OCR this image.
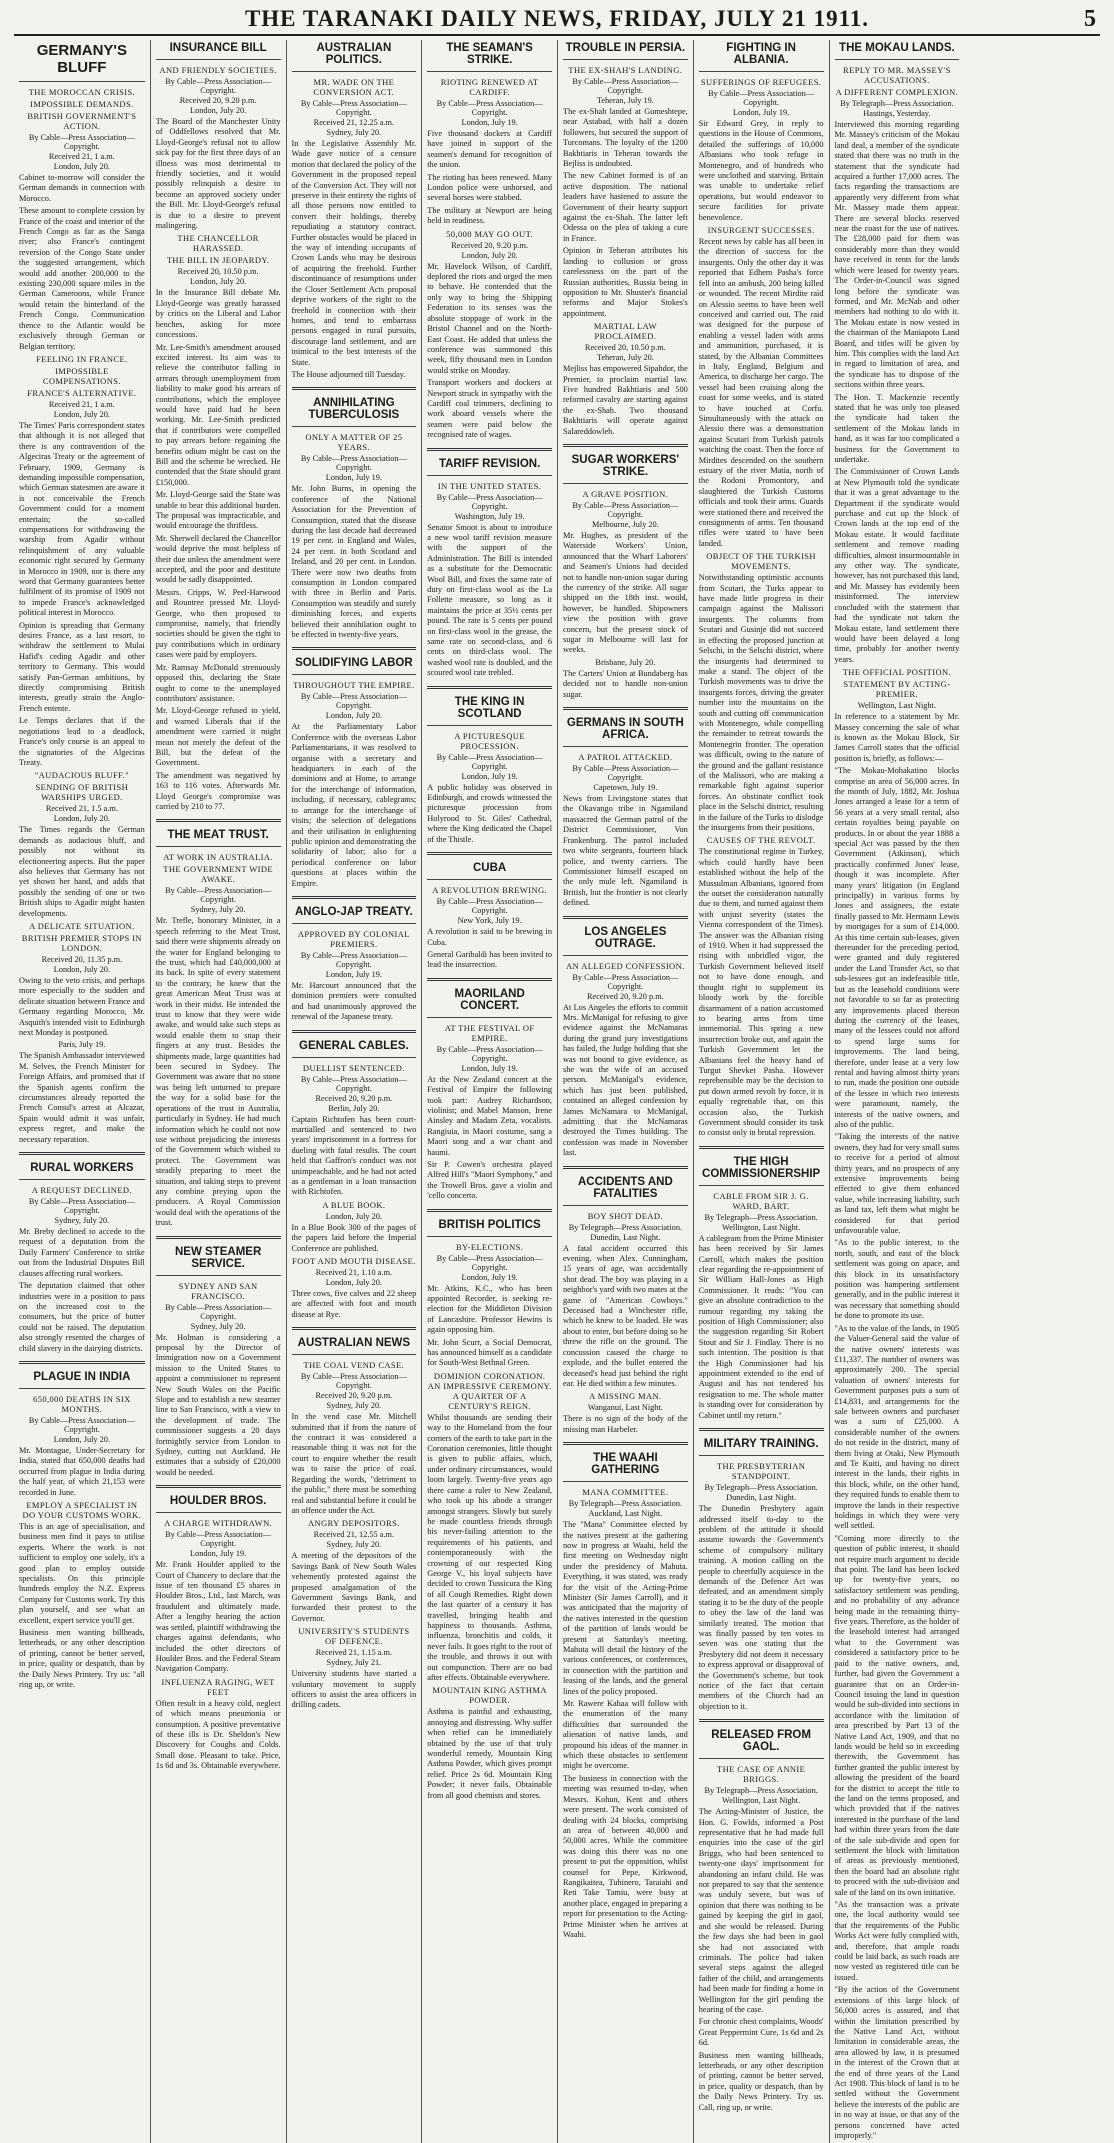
THE TARANAKI DAILY NEWS, FRIDAY, JULY 21 1911.	5
GERMANY'S BLUFF
THE MOROCCAN CRISIS.
IMPOSSIBLE DEMANDS.
BRITISH GOVERNMENT'S ACTION.
By Cable—Press Association—Copyright.
Received 21, 1 a.m.
London, July 20.
Cabinet to-morrow will consider the German demands in connection with Morocco.
These amount to complete cession by France of the coast and interior of the French Congo as far as the Sanga river; also France's contingent reversion of the Congo State under the suggested arrangement, which would add another 200,000 to the existing 230,000 square miles in the German Cameroons, while France would retain the hinterland of the French Congo. Communication thence to the Atlantic would be exclusively through German or Belgian territory.
FEELING IN FRANCE.
IMPOSSIBLE COMPENSATIONS.
FRANCE'S ALTERNATIVE.
Received 21, 1 a.m.
London, July 20.
The Times' Paris correspondent states that although it is not alleged that there is any contravention of the Algeciras Treaty or the agreement of February, 1909, Germany is demanding impossible compensation, which German statesmen are aware it is not conceivable the French Government could for a moment entertain; the so-called compensations for withdrawing the warship from Agadir without relinquishment of any valuable economic right secured by Germany in Morocco in 1909, nor is there any word that Germany guarantees better fulfilment of its promise of 1909 not to impede France's acknowledged political interest in Morocco.
Opinion is spreading that Germany desires France, as a last resort, to withdraw the settlement to Mulai Hafid's ceding Agadir and other territory to Germany. This would satisfy Pan-German ambitions, by directly compromising British interests, greatly strain the Anglo-French entente.
Le Temps declares that if the negotiations lead to a deadlock, France's only course is an appeal to the signatories of the Algeciras Treaty.
"AUDACIOUS BLUFF."
SENDING OF BRITISH WARSHIPS URGED.
Received 21, 1.5 a.m.
London, July 20.
The Times regards the German demands as audacious bluff, and possibly not without its electioneering aspects. But the paper also believes that Germany has not yet shown her hand, and adds that possibly the sending of one or two British ships to Agadir might hasten developments.
A DELICATE SITUATION.
BRITISH PREMIER STOPS IN LONDON.
Received 20, 11.35 p.m.
London, July 20.
Owing to the veto crisis, and perhaps more especially to the sudden and delicate situation between France and Germany regarding Morocco, Mr. Asquith's intended visit to Edinburgh next Monday is postponed.
Paris, July 19.
The Spanish Ambassador interviewed M. Selves, the French Minister for Foreign Affairs, and promised that if the Spanish agents confirm the circumstances already reported the French Consul's arrest at Alcazar, Spain would admit it was unfair, express regret, and make the necessary reparation.
RURAL WORKERS
A REQUEST DECLINED.
By Cable—Press Association—Copyright.
Sydney, July 20.
Mr. Breby declined to accede to the request of a deputation from the Daily Farmers' Conference to strike out from the Industrial Disputes Bill clauses affecting rural workers.
The deputation claimed that other industries were in a position to pass on the increased cost to the consumers, but the price of butter could not be raised. The deputation also strongly resented the charges of child slavery in the dairying districts.
PLAGUE IN INDIA
650,000 DEATHS IN SIX MONTHS.
By Cable—Press Association—Copyright.
London, July 20.
Mr. Montague, Under-Secretary for India, stated that 650,000 deaths had occurred from plague in India during the half year, of which 21,153 were recorded in June.
EMPLOY A SPECIALIST IN DO YOUR CUSTOMS WORK.
This is an age of specialisation, and business men find it pays to utilise experts. Where the work is not sufficient to employ one solely, it's a good plan to employ outside specialists. On this principle hundreds employ the N.Z. Express Company for Customs work. Try this plan yourself, and see what an excellent, expert service you'll get.
Business men wanting billheads, letterheads, or any other description of printing, cannot be better served, in price, quality or despatch, than by the Daily News Printery. Try us: "all ring up, or write.
INSURANCE BILL
AND FRIENDLY SOCIETIES.
By Cable—Press Association—Copyright.
Received 20, 9.20 p.m.
London, July 20.
The Board of the Manchester Unity of Oddfellows resolved that Mr. Lloyd-George's refusal not to allow sick pay for the first three days of an illness was most detrimental to friendly societies, and it would possibly relinquish a desire to become an approved society under the Bill. Mr. Lloyd-George's refusal is due to a desire to prevent malingering.
THE CHANCELLOR HARASSED.
THE BILL IN JEOPARDY.
Received 20, 10.50 p.m.
London, July 20.
In the Insurance Bill debate Mr. Lloyd-George was greatly harassed by critics on the Liberal and Labor benches, asking for more concessions.
Mr. Lee-Smith's amendment aroused excited interest. Its aim was to relieve the contributor falling in arrears through unemployment from liability to make good his arrears of contributions, which the employee would have paid had he been working. Mr. Lee-Smith predicted that if contributors were compelled to pay arrears before regaining the benefits odium might be cast on the Bill and the scheme be wrecked. He contended that the State should grant £150,000.
Mr. Lloyd-George said the State was unable to bear this additional burden. The proposal was impracticable, and would encourage the thriftless.
Mr. Sherwell declared the Chancellor would deprive the most helpless of their due unless the amendment were accepted, and the poor and destitute would be sadly disappointed.
Messrs. Cripps, W. Peel-Harwood and Rountree pressed Mr. Lloyd-George, who then proposed to compromise, namely, that friendly societies should be given the right to pay contributions which in ordinary cases were paid by employers.
Mr. Ramsay McDonald strenuously opposed this, declaring the State ought to come to the unemployed contributors' assistance.
Mr. Lloyd-George refused to yield, and warned Liberals that if the amendment were carried it might mean not merely the defeat of the Bill, but the defeat of the Government.
The amendment was negatived by 163 to 116 votes. Afterwards Mr. Lloyd George's compromise was carried by 210 to 77.
THE MEAT TRUST.
AT WORK IN AUSTRALIA.
THE GOVERNMENT WIDE AWAKE.
By Cable—Press Association—Copyright.
Sydney, July 20.
Mr. Trefle, honorary Minister, in a speech referring to the Meat Trust, said there were shipments already on the water for England belonging to the trust, which had £40,000,000 at its back. In spite of every statement to the contrary, he knew that the great American Meat Trust was at work in their midst. He intended the trust to know that they were wide awake, and would take such steps as would enable them to snap their fingers at any trust. Besides the shipments made, large quantities had been secured in Sydney. The Government was aware that no stone was being left unturned to prepare the way for a solid base for the operations of the trust in Australia, particularly in Sydney. He had much information which he could not now use without prejudicing the interests of the Government which wished to protect. The Government was steadily preparing to meet the situation, and taking steps to prevent any combine preying upon the producers. A Royal Commission would deal with the operations of the trust.
NEW STEAMER SERVICE.
SYDNEY AND SAN FRANCISCO.
By Cable—Press Association—Copyright.
Sydney, July 20.
Mr. Holman is considering a proposal by the Director of Immigration now on a Government mission to the United States to appoint a commissioner to represent New South Wales on the Pacific Slope and to establish a new steamer line to San Francisco, with a view to the development of trade. The commissioner suggests a 20 days fortnightly service from London to Sydney, cutting out Auckland. He estimates that a subsidy of £20,000 would be needed.
HOULDER BROS.
A CHARGE WITHDRAWN.
By Cable—Press Association—Copyright.
London, July 19.
Mr. Frank Houlder applied to the Court of Chancery to declare that the issue of ten thousand £5 shares in Houlder Bros., Ltd., last March, was fraudulent and ultimately made. After a lengthy hearing the action was settled, plaintiff withdrawing the charges against defendants, who included the other directors of Houlder Bros. and the Federal Steam Navigation Company.
INFLUENZA RAGING, WET FEET
Often result in a heavy cold, neglect of which means pneumonia or consumption. A positive preventative of these ills is Dr. Sheldon's New Discovery for Coughs and Colds. Small dose. Pleasant to take. Price, 1s 6d and 3s. Obtainable everywhere.
AUSTRALIAN POLITICS.
MR. WADE ON THE CONVERSION ACT.
By Cable—Press Association—Copyright.
Received 21, 12.25 a.m.
Sydney, July 20.
In the Legislative Assembly Mr. Wade gave notice of a censure motion that declared the policy of the Government in the proposed repeal of the Conversion Act. They will not preserve in their entirety the rights of all those persons now entitled to convert their holdings, thereby repudiating a statutory contract. Further obstacles would be placed in the way of intending occupants of Crown Lands who may be desirous of acquiring the freehold. Further discontinuance of resumptions under the Closer Settlement Acts proposal deprive workers of the right to the freehold in connection with their homes, and tend to embarrass persons engaged in rural pursuits, discourage land settlement, and are inimical to the best interests of the State.
The House adjourned till Tuesday.
ANNIHILATING TUBERCULOSIS
ONLY A MATTER OF 25 YEARS.
By Cable—Press Association—Copyright.
London, July 19.
Mr. John Burns, in opening the conference of the National Association for the Prevention of Consumption, stated that the disease during the last decade had decreased 19 per cent. in England and Wales, 24 per cent. in both Scotland and Ireland, and 20 per cent. in London. There were now two deaths from consumption in London compared with three in Berlin and Paris. Consumption was steadily and surely diminishing forces, and experts believed their annihilation ought to be effected in twenty-five years.
SOLIDIFYING LABOR
THROUGHOUT THE EMPIRE.
By Cable—Press Association—Copyright.
London, July 20.
At the Parliamentary Labor Conference with the overseas Labor Parliamentarians, it was resolved to organise with a secretary and headquarters in each of the dominions and at Home, to arrange for the interchange of information, including, if necessary, cablegrams; to arrange for the interchange of visits; the selection of delegations and their utilisation in enlightening public opinion and demonstrating the solidarity of labor; also for a periodical conference on labor questions at places within the Empire.
ANGLO-JAP TREATY.
APPROVED BY COLONIAL PREMIERS.
By Cable—Press Association—Copyright.
London, July 19.
Mr. Harcourt announced that the dominion premiers were consulted and had unanimously approved the renewal of the Japanese treaty.
GENERAL CABLES.
DUELLIST SENTENCED.
By Cable—Press Association—Copyright.
Received 20, 9.20 p.m.
Berlin, July 20.
Captain Richtofen has been court-martialled and sentenced to two years' imprisonment in a fortress for dueling with fatal results. The court held that Gaffron's conduct was not unimpeachable, and he had not acted as a gentleman in a loan transaction with Richtofen.
A BLUE BOOK.
London, July 20.
In a Blue Book 300 of the pages of the papers laid before the Imperial Conference are published.
FOOT AND MOUTH DISEASE.
Received 21, 1.10 a.m.
London, July 20.
Three cows, five calves and 22 sheep are affected with foot and mouth disease at Rye.
AUSTRALIAN NEWS
THE COAL VEND CASE.
By Cable—Press Association—Copyright.
Received 20, 9.20 p.m.
Sydney, July 20.
In the vend case Mr. Mitchell submitted that if from the nature of the contract it was considered a reasonable thing it was not for the court to enquire whether the result was to raise the price of coal. Regarding the words, "detriment to the public," there must be something real and substantial before it could be an offence under the Act.
ANGRY DEPOSITORS.
Received 21, 12.55 a.m.
Sydney, July 20.
A meeting of the depositors of the Savings Bank of New South Wales vehemently protested against the proposed amalgamation of the Government Savings Bank, and forwarded their protest to the Governor.
UNIVERSITY'S STUDENTS OF DEFENCE.
Received 21, 1.15 a.m.
Sydney, July 21.
University students have started a voluntary movement to supply officers to assist the area officers in drilling cadets.
THE SEAMAN'S STRIKE.
RIOTING RENEWED AT CARDIFF.
By Cable—Press Association—Copyright.
London, July 19.
Five thousand dockers at Cardiff have joined in support of the seamen's demand for recognition of the union.
The rioting has been renewed. Many London police were unhorsed, and several horses were stabbed.
The military at Newport are being held in readiness.
50,000 MAY GO OUT.
Received 20, 9.20 p.m.
London, July 20.
Mr. Havelock Wilson, of Cardiff, deplored the riots and urged the men to behave. He contended that the only way to bring the Shipping Federation to its senses was the absolute stoppage of work in the Bristol Channel and on the North-East Coast. He added that unless the conference was summoned this week, fifty thousand men in London would strike on Monday.
Transport workers and dockers at Newport struck in sympathy with the Cardiff coal trimmers, declining to work aboard vessels where the seamen were paid below the recognised rate of wages.
TARIFF REVISION.
IN THE UNITED STATES.
By Cable—Press Association—Copyright.
Washington, July 19.
Senator Smoot is about to introduce a new wool tariff revision measure with the support of the Administration. The Bill is intended as a substitute for the Democratic Wool Bill, and fixes the same rate of duty on first-class wool as the La Follette measure, so long as it maintains the price at 35½ cents per pound. The rate is 5 cents per pound on first-class wool in the grease, the same rate on second-class, and 6 cents on third-class wool. The washed wool rate is doubled, and the scoured wool rate trebled.
THE KING IN SCOTLAND
A PICTURESQUE PROCESSION.
By Cable—Press Association—Copyright.
London, July 19.
A public holiday was observed in Edinburgh, and crowds witnessed the picturesque procession from Holyrood to St. Giles' Cathedral, where the King dedicated the Chapel of the Thistle.
CUBA
A REVOLUTION BREWING.
By Cable—Press Association—Copyright.
New York, July 19.
A revolution is said to be brewing in Cuba.
General Garibaldi has been invited to lead the insurrection.
MAORILAND CONCERT.
AT THE FESTIVAL OF EMPIRE.
By Cable—Press Association—Copyright.
London, July 19.
At the New Zealand concert at the Festival of Empire the following took part: Audrey Richardson, violinist; and Mabel Manson, Irene Ainsley and Madam Zeta, vocalists. Rangiuia, in Maori costume, sang a Maori song and a war chant and haumi.
Sir P. Cowen's orchestra played Alfred Hill's "Maori Symphony," and the Trowell Bros. gave a violin and 'cello concerto.
BRITISH POLITICS
BY-ELECTIONS.
By Cable—Press Association—Copyright.
London, July 19.
Mr. Atkins, K.C., who has been appointed Recorder, is seeking re-election for the Middleton Division of Lancashire. Professor Hewins is again opposing him.
Mr. John Scurr, a Social Democrat, has announced himself as a candidate for South-West Bethnal Green.
DOMINION CORONATION. AN IMPRESSIVE CEREMONY. A QUARTER OF A CENTURY'S REIGN.
Whilst thousands are sending their way to the Homeland from the four corners of the earth to take part in the Coronation ceremonies, little thought is given to public affairs, which, under ordinary circumstances, would loom largely. Twenty-five years ago there came a ruler to New Zealand, who took up his abode a stranger amongst strangers. Slowly but surely he made countless friends through his never-failing attention to the requirements of his patients, and contemporaneously with the crowning of our respected King George V., his loyal subjects have decided to crown Tussicura the King of all Cough Remedies. Right down the last quarter of a century it has travelled, bringing health and happiness to thousands. Asthma, influenza, bronchitis and colds, it never fails. It goes right to the root of the trouble, and throws it out with out compunction. There are no bad after effects. Obtainable everywhere.
MOUNTAIN KING ASTHMA POWDER.
Asthma is painful and exhausting, annoying and distressing. Why suffer when relief can be immediately obtained by the use of that truly wonderful remedy, Mountain King Asthma Powder, which gives prompt relief. Price 2s 6d. Mountain King Powder; it never fails. Obtainable from all good chemists and stores.
TROUBLE IN PERSIA.
THE EX-SHAH'S LANDING.
By Cable—Press Association—Copyright.
Teheran, July 19.
The ex-Shah landed at Gumeshtepe, near Astabad, with half a dozen followers, but secured the support of Turcomans. The loyalty of the 1200 Bakhtiaris in Teheran towards the Bejliss is undoubted.
The new Cabinet formed is of an active disposition. The national leaders have hastened to assure the Government of their hearty support against the ex-Shah. The latter left Odessa on the plea of taking a cure in France.
Opinion in Teheran attributes his landing to collusion or gross carelessness on the part of the Russian authorities, Russia being in opposition to Mr. Shuster's financial reforms and Major Stokes's appointment.
MARTIAL LAW PROCLAIMED.
Received 20, 10.50 p.m.
Teheran, July 20.
Mejliss has empowered Sipahdor, the Premier, to proclaim martial law. Five hundred Bakhtiaris and 500 reformed cavalry are starting against the ex-Shah. Two thousand Bakhtiaris will operate against Salareddowleh.
SUGAR WORKERS' STRIKE.
A GRAVE POSITION.
By Cable—Press Association—Copyright.
Melbourne, July 20.
Mr. Hughes, as president of the Waterside Workers' Union, announced that the Wharf Laborers' and Seamen's Unions had decided not to handle non-union sugar during the currency of the strike. All sugar shipped on the 18th inst. would, however, be handled. Shipowners view the position with grave concern, but the present stock of sugar in Melbourne will last for weeks.
Brisbane, July 20.
The Carters' Union at Bundaberg has decided not to handle non-union sugar.
GERMANS IN SOUTH AFRICA.
A PATROL ATTACKED.
By Cable—Press Association—Copyright.
Capetown, July 19.
News from Livingstone states that the Okavango tribe in Ngamiland massacred the German patrol of the District Commissioner, Von Frankenburg. The patrol included two white sergeants, fourteen black police, and twenty carriers. The Commissioner himself escaped on the only mule left. Ngamiland is British, but the frontier is not clearly defined.
LOS ANGELES OUTRAGE.
AN ALLEGED CONFESSION.
By Cable—Press Association—Copyright.
Received 20, 9.20 p.m.
At Los Angeles the efforts to commit Mrs. McManigal for refusing to give evidence against the McNamaras during the grand jury investigations has failed, the Judge holding that she was not bound to give evidence, as she was the wife of an accused person. McManigal's evidence, which has just been published, contained an alleged confession by James McNamara to McManigal, admitting that the McNamaras destroyed the Times building. The confession was made in November last.
ACCIDENTS AND FATALITIES
BOY SHOT DEAD.
By Telegraph—Press Association.
Dunedin, Last Night.
A fatal accident occurred this evening, when Alex. Cunningham, 15 years of age, was accidentally shot dead. The boy was playing in a neighbor's yard with two mates at the game of "American Cowboys." Deceased had a Winchester rifle, which he knew to be loaded. He was about to enter, but before doing so he threw the rifle on the ground. The concussion caused the charge to explode, and the bullet entered the deceased's head just behind the right ear. He died within a few minutes.
A MISSING MAN.
Wanganui, Last Night.
There is no sign of the body of the missing man Harbeler.
THE WAAHI GATHERING
MANA COMMITTEE.
By Telegraph—Press Association.
Auckland, Last Night.
The "Mana" Committee elected by the natives present at the gathering now in progress at Waahi, held the first meeting on Wednesday night under the presidency of Mahuta. Everything, it was stated, was ready for the visit of the Acting-Prime Minister (Sir James Carroll), and it was anticipated that the majority of the natives interested in the question of the partition of lands would be present at Saturday's meeting. Mahuta will detail the history of the various conferences, or conferences, in connection with the partition and leasing of the lands, and the general lines of the policy proposed.
Mr. Rawere Kahaa will follow with the enumeration of the many difficulties that surrounded the alienation of native lands, and propound his ideas of the manner in which these obstacles to settlement might be overcome.
The business in connection with the meeting was resumed to-day, when Messrs. Kohun, Kent and others were present. The work consisted of dealing with 24 blocks, comprising an area of between 40,000 and 50,000 acres. While the committee was doing this there was no one present to put the opposition, whilst counsel for Pepe, Kirkwood, Rangikaitea, Tuhinero, Taraiahi and Reti Take Tamiu, were busy at another place, engaged in preparing a report for presentation to the Acting-Prime Minister when he arrives at Waahi.
FIGHTING IN ALBANIA.
SUFFERINGS OF REFUGEES.
By Cable—Press Association—Copyright.
London, July 19.
Sir Edward Grey, in reply to questions in the House of Commons, detailed the sufferings of 10,000 Albanians who took refuge in Montenegro, and of hundreds who were unclothed and starving. Britain was unable to undertake relief operations, but would endeavor to secure facilities for private benevolence.
INSURGENT SUCCESSES.
Recent news by cable has all been in the direction of success for the insurgents. Only the other day it was reported that Edhem Pasha's force fell into an ambush, 200 being killed or wounded. The recent Mirdite raid on Alessio seems to have been well conceived and carried out. The raid was designed for the purpose of enabling a vessel laden with arms and ammunition, purchased, it is stated, by the Albanian Committees in Italy, England, Belgium and America, to discharge her cargo. The vessel had been cruising along the coast for some weeks, and is stated to have touched at Corfu. Simultaneously with the attack on Alessio there was a demonstration against Scutari from Turkish patrols watching the coast. Then the force of Mirdites descended on the southern estuary of the river Matia, north of the Rodoni Promontory, and slaughtered the Turkish Customs officials and took their arms. Guards were stationed there and received the consignments of arms. Ten thousand rifles were stated to have been landed.
OBJECT OF THE TURKISH MOVEMENTS.
Notwithstanding optimistic accounts from Scutari, the Turks appear to have made little progress in their campaign against the Malissori insurgents. The columns from Scutari and Gusinje did not succeed in effecting the proposed junction at Selschi, in the Selschi district, where the insurgents had determined to make a stand. The object of the Turkish movements was to drive the insurgents forces, driving the greater number into the mountains on the south and cutting off communication with Montenegro, while compelling the remainder to retreat towards the Montenegrin frontier. The operation was difficult, owing to the nature of the ground and the gallant resistance of the Malissori, who are making a remarkable fight against superior forces. An obstinate conflict took place in the Selschi district, resulting in the failure of the Turks to dislodge the insurgents from their positions.
CAUSES OF THE REVOLT.
The constitutional regime in Turkey, which could hardly have been established without the help of the Mussulman Albanians, ignored from the outset the consideration naturally due to them, and turned against them with unjust severity (states the Vienna correspondent of the Times). The answer was the Albanian rising of 1910. When it had suppressed the rising with unbridled vigor, the Turkish Government believed itself not to have done enough, and thought right to supplement its bloody work by the forcible disarmament of a nation accustomed to bearing arms from time immemorial. This spring a new insurrection broke out, and again the Turkish Government let the Albanians feel the heavy hand of Turgut Shevket Pasha. However reprehensible may be the decision to put down armed revolt by force, it is equally regrettable that, on this occasion also, the Turkish Government should consider its task to consist only in brutal repression.
THE HIGH COMMISSIONERSHIP
CABLE FROM SIR J. G. WARD, BART.
By Telegraph—Press Association.
Wellington, Last Night.
A cablegram from the Prime Minister has been received by Sir James Carroll, which makes the position clear regarding the re-appointment of Sir William Hall-Jones as High Commissioner. It reads: "You can give an absolute contradiction to the rumour regarding my taking the position of High Commissioner; also the suggestion regarding Sir Robert Stout and Sir J. Findlay. There is no such intention. The position is that the High Commissioner had his appointment extended to the end of August and has not tendered his resignation to me. The whole matter is standing over for consideration by Cabinet until my return."
MILITARY TRAINING.
THE PRESBYTERIAN STANDPOINT.
By Telegraph—Press Association.
Dunedin, Last Night.
The Dunedin Presbytery again addressed itself to-day to the problem of the attitude it should assume towards the Government's scheme of compulsory military training. A motion calling on the people to cheerfully acquiesce in the demands of the Defence Act was defeated, and an amendment simply stating it to be the duty of the people to obey the law of the land was similarly treated. The motion that was finally passed by ten votes to seven was one stating that the Presbytery did not deem it necessary to express approval or disapproval of the Government's scheme, but took notice of the fact that certain members of the Church had an objection to it.
RELEASED FROM GAOL.
THE CASE OF ANNIE BRIGGS.
By Telegraph—Press Association.
Wellington, Last Night.
The Acting-Minister of Justice, the Hon. G. Fowlds, informed a Post representative that he had made full enquiries into the case of the girl Briggs, who had been sentenced to twenty-one days' imprisonment for abandoning an infant child. He was not prepared to say that the sentence was unduly severe, but was of opinion that there was nothing to be gained by keeping the girl in gaol, and she would be released. During the few days she had been in gaol she had not associated with criminals. The police had taken several steps against the alleged father of the child, and arrangements had been made for finding a home in Wellington for the girl pending the hearing of the case.
For chronic chest complaints, Woods' Great Peppermint Cure, 1s 6d and 2s 6d.
Business men wanting billheads, letterheads, or any other description of printing, cannot be better served, in price, quality or despatch, than by the Daily News Printery. Try us. Call, ring up, or write.
THE MOKAU LANDS.
REPLY TO MR. MASSEY'S ACCUSATIONS.
A DIFFERENT COMPLEXION.
By Telegraph—Press Association.
Hastings, Yesterday.
Interviewed this morning regarding Mr. Massey's criticism of the Mokau land deal, a member of the syndicate stated that there was no truth in the statement that the syndicate had acquired a further 17,000 acres. The facts regarding the transactions are apparently very different from what Mr. Massey made them appear. There are several blocks reserved near the coast for the use of natives. The £28,000 paid for them was considerably more than they would have received in rents for the lands which were leased for twenty years. The Order-in-Council was signed long before the syndicate was formed, and Mr. McNab and other members had nothing to do with it. The Mokau estate is now vested in the chairman of the Maniapoto Land Board, and titles will be given by him. This complies with the land Act in regard to limitation of area, and the syndicate has to dispose of the sections within three years.
The Hon. T. Mackenzie recently stated that he was only too pleased the syndicate had taken the settlement of the Mokau lands in hand, as it was far too complicated a business for the Government to undertake.
The Commissioner of Crown Lands at New Plymouth told the syndicate that it was a great advantage to the Department if the syndicate would purchase and cut up the block of Crown lands at the top end of the Mokau estate. It would facilitate settlement and remove roading difficulties, almost insurmountable in any other way. The syndicate, however, has not purchased this land, and Mr. Massey has evidently been misinformed. The interview concluded with the statement that had the syndicate not taken the Mokau estate, land settlement there would have been delayed a long time, probably for another twenty years.
THE OFFICIAL POSITION.
STATEMENT BY ACTING-PREMIER.
Wellington, Last Night.
In reference to a statement by Mr. Massey concerning the sale of what is known as the Mokau Block, Sir James Carroll states that the official position is, briefly, as follows:—
"The Mokau-Mohakatino blocks comprise an area of 56,000 acres. In the month of July, 1882, Mr. Joshua Jones arranged a lease for a term of 56 years at a very small rental, also certain royalties being payable on products. In or about the year 1888 a special Act was passed by the then Government (Atkinson), which practically confirmed Jones' lease, though it was incomplete. After many years' litigation (in England principally) in various forms by Jones and assignees, the estate finally passed to Mr. Hermann Lewis by mortgages for a sum of £14,000. At this time certain sub-leases, given thereunder for the preceding period, were granted and duly registered under the Land Transfer Act, so that sub-lessees got an indefeasible title, but as the leasehold conditions were not favorable to so far as protecting any improvements placed thereon during the currency of the leases, many of the lessees could not afford to spend large sums for improvements. The land being, therefore, under lease at a very low rental and having almost thirty years to run, made the position one outside of the lessee in which two interests were paramount, namely, the interests of the native owners, and also of the public.
"Taking the interests of the native owners, they had for very small sums to receive for a period of almost thirty years, and no prospects of any extensive improvements being effected to give them enhanced value, while increasing liability, such as land tax, left them what might be considered for that period unfavourable value.
"As to the public interest, to the north, south, and east of the block settlement was going on apace, and this block in its unsatisfactory position was hampering settlement generally, and in the public interest it was necessary that something should be done to promote its use.
"As to the value of the lands, in 1905 the Valuer-General said the value of the native owners' interests was £11,337. The number of owners was approximately 200. The special valuation of owners' interests for Government purposes puts a sum of £14,831, and arrangements for the sale between owners and purchaser was a sum of £25,000. A considerable number of the owners do not reside in the district, many of them living at Otaki, New Plymouth and Te Kuiti, and having no direct interest in the lands, their rights in this block, while, on the other hand, they required funds to enable them to improve the lands in their respective holdings in which they were very well settled.
"Coming more directly to the question of public interest, it should not require much argument to decide that point. The land has been locked up for twenty-five years, no satisfactory settlement was pending, and no probability of any advance being made in the remaining thirty-five years. Therefore, as the holder of the leasehold interest had arranged what to the Government was considered a satisfactory price to be paid to the native owners, and, further, had given the Government a guarantee that on an Order-in-Council issuing the land in question would be sub-divided into sections in accordance with the limitation of area prescribed by Part 13 of the Native Land Act, 1909, and that no lands would be held so in exceeding therewith, the Government has further granted the public interest by allowing the president of the board for the district to accept the title to the land on the terms proposed, and which provided that if the natives interested in the purchase of the land had within three years from the date of the sale sub-divide and open for settlement the block with limitation of areas as previously mentioned, then the board had an absolute right to proceed with the sub-division and sale of the land on its own initiative.
"As the transaction was a private one, the local authority would see that the requirements of the Public Works Act were fully complied with, and, therefore, that ample roads could be laid back, as such roads are now vested as registered title can be issued.
"By the action of the Government extensions of this large block of 56,000 acres is assured, and that within the limitation prescribed by the Native Land Act, without limitation in considerable areas, the area allowed by law, it is presumed in the interest of the Crown that at the end of three years of the Land Act 1908. This block of land is to be settled without the Government believe the interests of the public are in no way at issue, or that any of the persons concerned have acted improperly."
